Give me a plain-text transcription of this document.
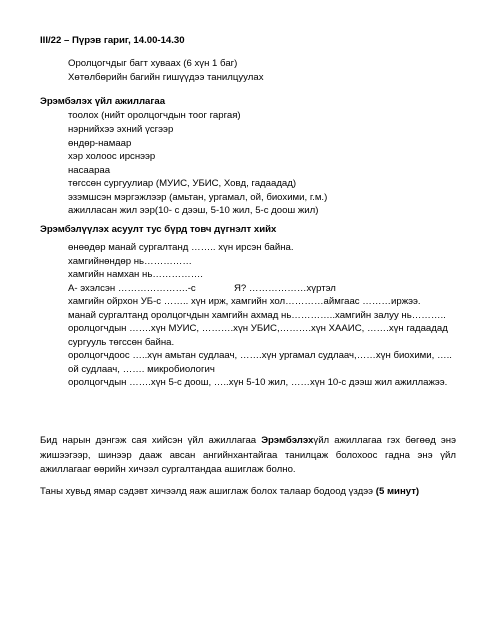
III/22 – Пүрэв гариг, 14.00-14.30
Оролцогчдыг багт хуваах (6 хүн 1 баг)
Хөтөлбөрийн багийн гишүүдээ танилцуулах
Эрэмбэлэх үйл ажиллагаа
тоолох (нийт оролцогчдын тоог гаргая)
нэрнийхээ эхний үсгээр
өндөр-намаар
хэр холоос ирснээр
насаараа
төгссөн сургуулиар (МУИС, УБИС, Ховд, гадаадад)
эзэмшсэн мэргэжлээр (амьтан, ургамал, ой, биохими, г.м.)
ажилласан жил ээр(10- с дээш, 5-10 жил, 5-с доош жил)
Эрэмбэлүүлэх асуулт тус бүрд товч дүгнэлт хийх
өнөөдөр манай сургалтанд …….. хүн ирсэн байна.
хамгийнөндөр нь……………
хамгийн намхан нь…………….
А- эхэлсэн ………………….-с	Я? ………………хүртэл
хамгийн ойрхон УБ-с …….. хүн ирж, хамгийн хол…………аймгаас ………иржээ.
манай сургалтанд оролцогчдын хамгийн ахмад нь…………..хамгийн залуу нь………..
оролцогчдын …….хүн МУИС, ……….хүн УБИС,……….хүн ХААИС, …….хүн гадаадад
сургууль төгссөн байна.
оролцогчдоос …..хүн амьтан судлаач, …….хүн ургамал судлаач,……хүн биохими, …..
ой судлаач, ……. микробиологич
оролцогчдын …….хүн 5-с доош, …..хүн 5-10 жил, ……хүн 10-с дээш жил ажиллажээ.
Бид нарын дэнгэж сая хийсэн үйл ажиллагаа Эрэмбэлэхүйл ажиллагаа гэх бөгөөд энэ жишээгээр, шинээр дааж авсан ангийнхантайгаа танилцаж болохоос гадна энэ үйл ажиллагааг өөрийн хичээл сургалтандаа ашиглаж болно.
Таны хувьд ямар сэдэвт хичээлд яаж ашиглаж болох талаар бодоод үздээ (5 минут)
